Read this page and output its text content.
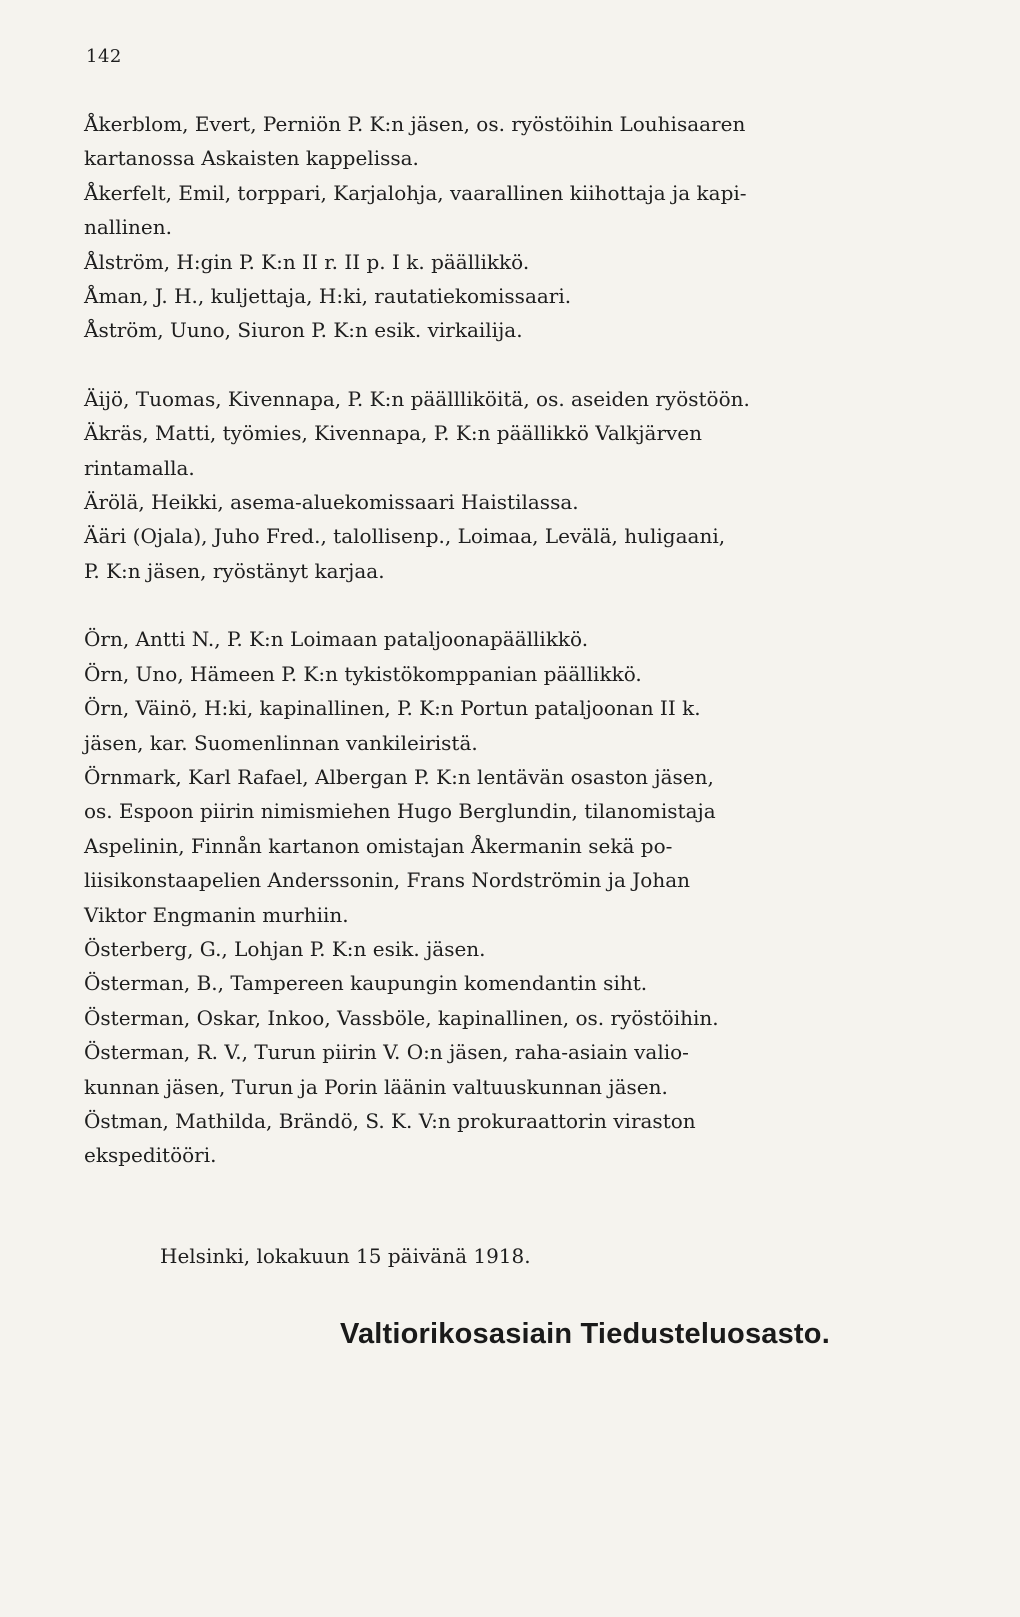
142
Åkerblom, Evert, Perniön P. K:n jäsen, os. ryöstöihin Louhisaaren
kartanossa Askaisten kappelissa.
Åkerfelt, Emil, torppari, Karjalohja, vaarallinen kiihottaja ja kapi-
nallinen.
Ålström, H:gin P. K:n II r. II p. I k. päällikkö.
Åman, J. H., kuljettaja, H:ki, rautatiekomissaari.
Åström, Uuno, Siuron P. K:n esik. virkailija.
Äijö, Tuomas, Kivennapa, P. K:n päällliköitä, os. aseiden ryöstöön.
Äkräs, Matti, työmies, Kivennapa, P. K:n päällikkö Valkjärven
rintamalla.
Ärölä, Heikki, asema-aluekomissaari Haistilassa.
Ääri (Ojala), Juho Fred., talollisenp., Loimaa, Levälä, huligaani,
P. K:n jäsen, ryöstänyt karjaa.
Örn, Antti N., P. K:n Loimaan pataljoonapäällikkö.
Örn, Uno, Hämeen P. K:n tykistökomppanian päällikkö.
Örn, Väinö, H:ki, kapinallinen, P. K:n Portun pataljoonan II k.
jäsen, kar. Suomenlinnan vankileiristä.
Örnmark, Karl Rafael, Albergan P. K:n lentävän osaston jäsen,
os. Espoon piirin nimismiehen Hugo Berglundin, tilanomistaja
Aspelinin, Finnån kartanon omistajan Åkermanin sekä po-
liisikonstaapelien Anderssonin, Frans Nordströmin ja Johan
Viktor Engmanin murhiin.
Österberg, G., Lohjan P. K:n esik. jäsen.
Österman, B., Tampereen kaupungin komendantin siht.
Österman, Oskar, Inkoo, Vassböle, kapinallinen, os. ryöstöihin.
Österman, R. V., Turun piirin V. O:n jäsen, raha-asiain valio-
kunnan jäsen, Turun ja Porin läänin valtuuskunnan jäsen.
Östman, Mathilda, Brändö, S. K. V:n prokuraattorin viraston
ekspeditööri.
Helsinki, lokakuun 15 päivänä 1918.
Valtiorikosasiain Tiedusteluosasto.
